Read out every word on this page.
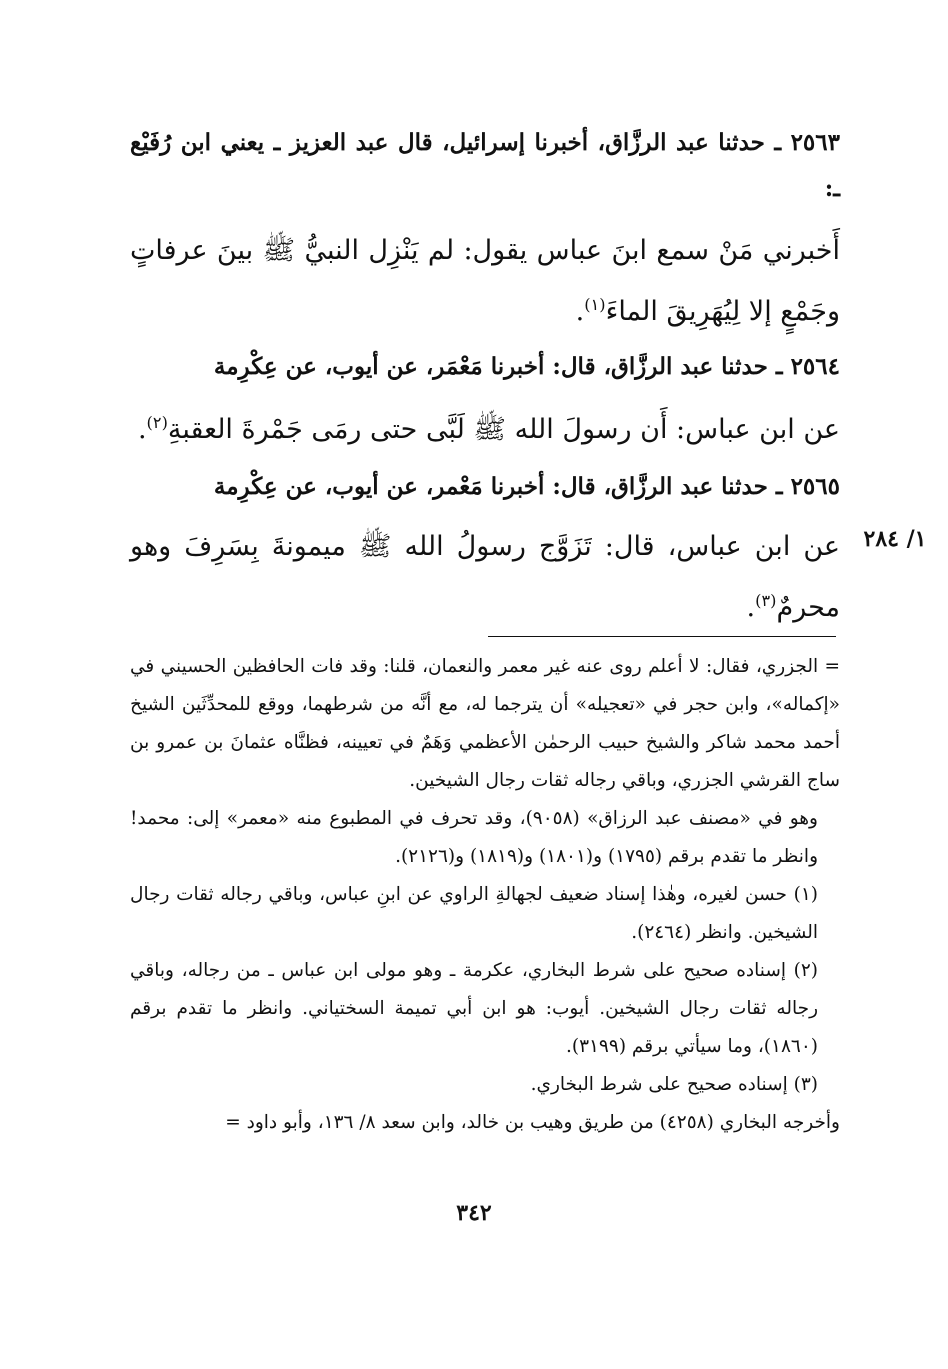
٢٥٦٣ ـ حدثنا عبد الرزَّاق، أخبرنا إسرائيل، قال عبد العزيز ـ يعني ابن رُفَيْع ـ:
أَخبرني مَنْ سمع ابنَ عباس يقول: لم يَنْزِل النبيُّ ﷺ بينَ عرفاتٍ وجَمْعٍ إلا لِيُهَرِيقَ الماءَ$^{(١)}$.
٢٥٦٤ ـ حدثنا عبد الرزَّاق، قال: أخبرنا مَعْمَر، عن أيوب، عن عِكْرِمة
عن ابن عباس: أَن رسولَ الله ﷺ لَبَّى حتى رمَى جَمْرةَ العقبةِ$^{(٢)}$.
٢٥٦٥ ـ حدثنا عبد الرزَّاق، قال: أخبرنا مَعْمر، عن أيوب، عن عِكْرِمة
عن ابن عباس، قال: تَزَوَّج رسولُ الله ﷺ ميمونةَ بِسَرِفَ وهو محرمٌ$^{(٣)}$.
١/ ٢٨٤

= الجزري، فقال: لا أعلم روى عنه غير معمر والنعمان، قلنا: وقد فات الحافظين الحسيني في «إكماله»، وابن حجر في «تعجيله» أن يترجما له، مع أنَّه من شرطهما، ووقع للمحدِّثَين الشيخ أحمد محمد شاكر والشيخ حبيب الرحمٰن الأعظمي وَهَمٌ في تعيينه، فظنَّاه عثمانَ بن عمرو بن ساج القرشي الجزري، وباقي رجاله ثقات رجال الشيخين.

وهو في «مصنف عبد الرزاق» (٩٠٥٨)، وقد تحرف في المطبوع منه «معمر» إلى: محمد! وانظر ما تقدم برقم (١٧٩٥) و(١٨٠١) و(١٨١٩) و(٢١٢٦).

(١) حسن لغيره، وهٰذا إسناد ضعيف لجهالةِ الراوي عن ابنِ عباس، وباقي رجاله ثقات رجال الشيخين. وانظر (٢٤٦٤).

(٢) إسناده صحيح على شرط البخاري، عكرمة ـ وهو مولى ابن عباس ـ من رجاله، وباقي رجاله ثقات رجال الشيخين. أيوب: هو ابن أبي تميمة السختياني. وانظر ما تقدم برقم (١٨٦٠)، وما سيأتي برقم (٣١٩٩).

(٣) إسناده صحيح على شرط البخاري.

وأخرجه البخاري (٤٢٥٨) من طريق وهيب بن خالد، وابن سعد ٨/ ١٣٦، وأبو داود =

٣٤٢
